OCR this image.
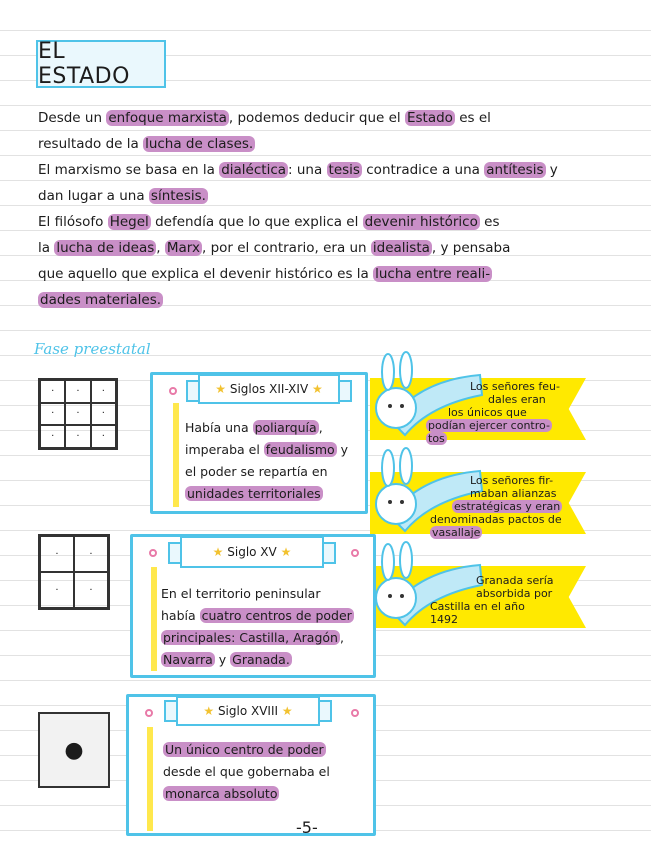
EL ESTADO
Desde un enfoque marxista , podemos deducir que el Estado es el
resultado de la lucha de clases.
El marxismo se basa en la dialéctica : una tesis contradice a una antítesis y
dan lugar a una síntesis.
El filósofo Hegel defendía que lo que explica el devenir histórico es
la lucha de ideas , Marx , por el contrario, era un idealista , y pensaba
que aquello que explica el devenir histórico es la lucha entre reali-
dades materiales.
Fase preestatal
·	·	·
·	·	·
·	·	·
·	·
·	·
●
Había una poliarquía ,
imperaba el feudalismo y
el poder se repartía en
unidades territoriales
★
Siglos XII-XIV
★
En el territorio peninsular
había cuatro centros de poder
principales: Castilla, Aragón ,
Navarra y Granada.
★
Siglo XV
★
Un único centro de poder
desde el que gobernaba el
monarca absoluto
★
Siglo XVIII
★
Los señores feu-
dales eran
los únicos que
podían ejercer contro-
tos
Los señores fir-
maban alianzas
estratégicas y eran
denominadas pactos de
vasallaje
Granada sería
absorbida por
Castilla en el año
1492
-5-
